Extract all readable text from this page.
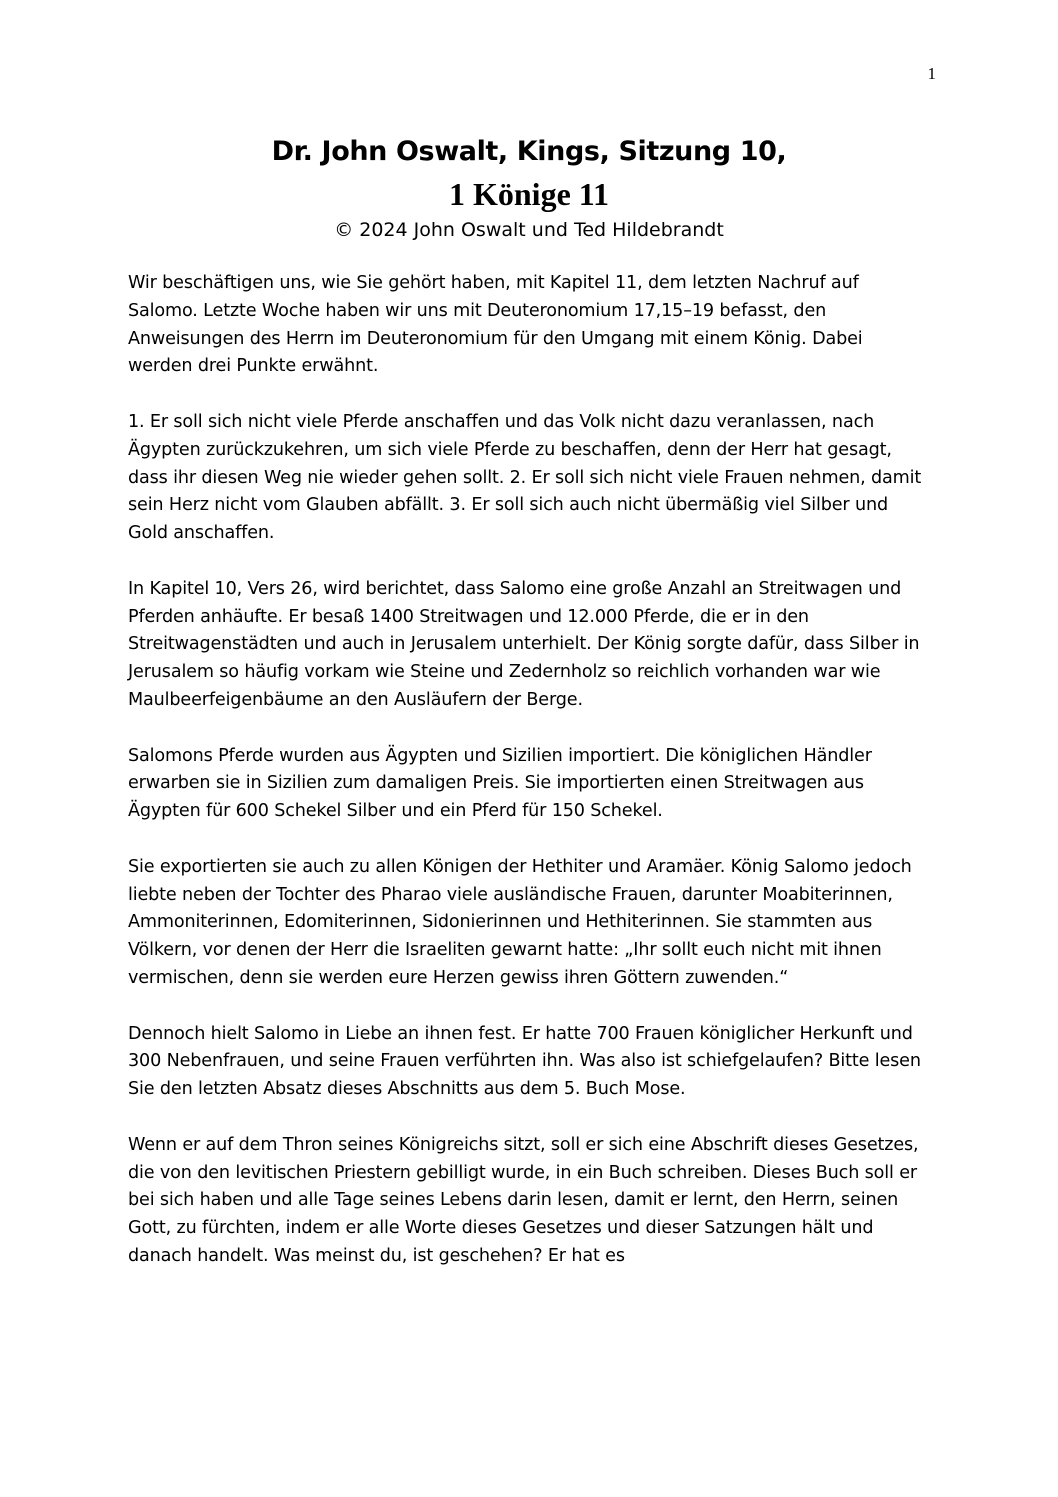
1
Dr. John Oswalt, Kings, Sitzung 10,
1 Könige 11
© 2024 John Oswalt und Ted Hildebrandt

Wir beschäftigen uns, wie Sie gehört haben, mit Kapitel 11, dem letzten Nachruf auf Salomo. Letzte Woche haben wir uns mit Deuteronomium 17,15–19 befasst, den Anweisungen des Herrn im Deuteronomium für den Umgang mit einem König. Dabei werden drei Punkte erwähnt.

1. Er soll sich nicht viele Pferde anschaffen und das Volk nicht dazu veranlassen, nach Ägypten zurückzukehren, um sich viele Pferde zu beschaffen, denn der Herr hat gesagt, dass ihr diesen Weg nie wieder gehen sollt. 2. Er soll sich nicht viele Frauen nehmen, damit sein Herz nicht vom Glauben abfällt. 3. Er soll sich auch nicht übermäßig viel Silber und Gold anschaffen.

In Kapitel 10, Vers 26, wird berichtet, dass Salomo eine große Anzahl an Streitwagen und Pferden anhäufte. Er besaß 1400 Streitwagen und 12.000 Pferde, die er in den Streitwagenstädten und auch in Jerusalem unterhielt. Der König sorgte dafür, dass Silber in Jerusalem so häufig vorkam wie Steine und Zedernholz so reichlich vorhanden war wie Maulbeerfeigenbäume an den Ausläufern der Berge.

Salomons Pferde wurden aus Ägypten und Sizilien importiert. Die königlichen Händler erwarben sie in Sizilien zum damaligen Preis. Sie importierten einen Streitwagen aus Ägypten für 600 Schekel Silber und ein Pferd für 150 Schekel.

Sie exportierten sie auch zu allen Königen der Hethiter und Aramäer. König Salomo jedoch liebte neben der Tochter des Pharao viele ausländische Frauen, darunter Moabiterinnen, Ammoniterinnen, Edomiterinnen, Sidonierinnen und Hethiterinnen. Sie stammten aus Völkern, vor denen der Herr die Israeliten gewarnt hatte: „Ihr sollt euch nicht mit ihnen vermischen, denn sie werden eure Herzen gewiss ihren Göttern zuwenden.“

Dennoch hielt Salomo in Liebe an ihnen fest. Er hatte 700 Frauen königlicher Herkunft und 300 Nebenfrauen, und seine Frauen verführten ihn. Was also ist schiefgelaufen? Bitte lesen Sie den letzten Absatz dieses Abschnitts aus dem 5. Buch Mose.

Wenn er auf dem Thron seines Königreichs sitzt, soll er sich eine Abschrift dieses Gesetzes, die von den levitischen Priestern gebilligt wurde, in ein Buch schreiben. Dieses Buch soll er bei sich haben und alle Tage seines Lebens darin lesen, damit er lernt, den Herrn, seinen Gott, zu fürchten, indem er alle Worte dieses Gesetzes und dieser Satzungen hält und danach handelt. Was meinst du, ist geschehen? Er hat es
